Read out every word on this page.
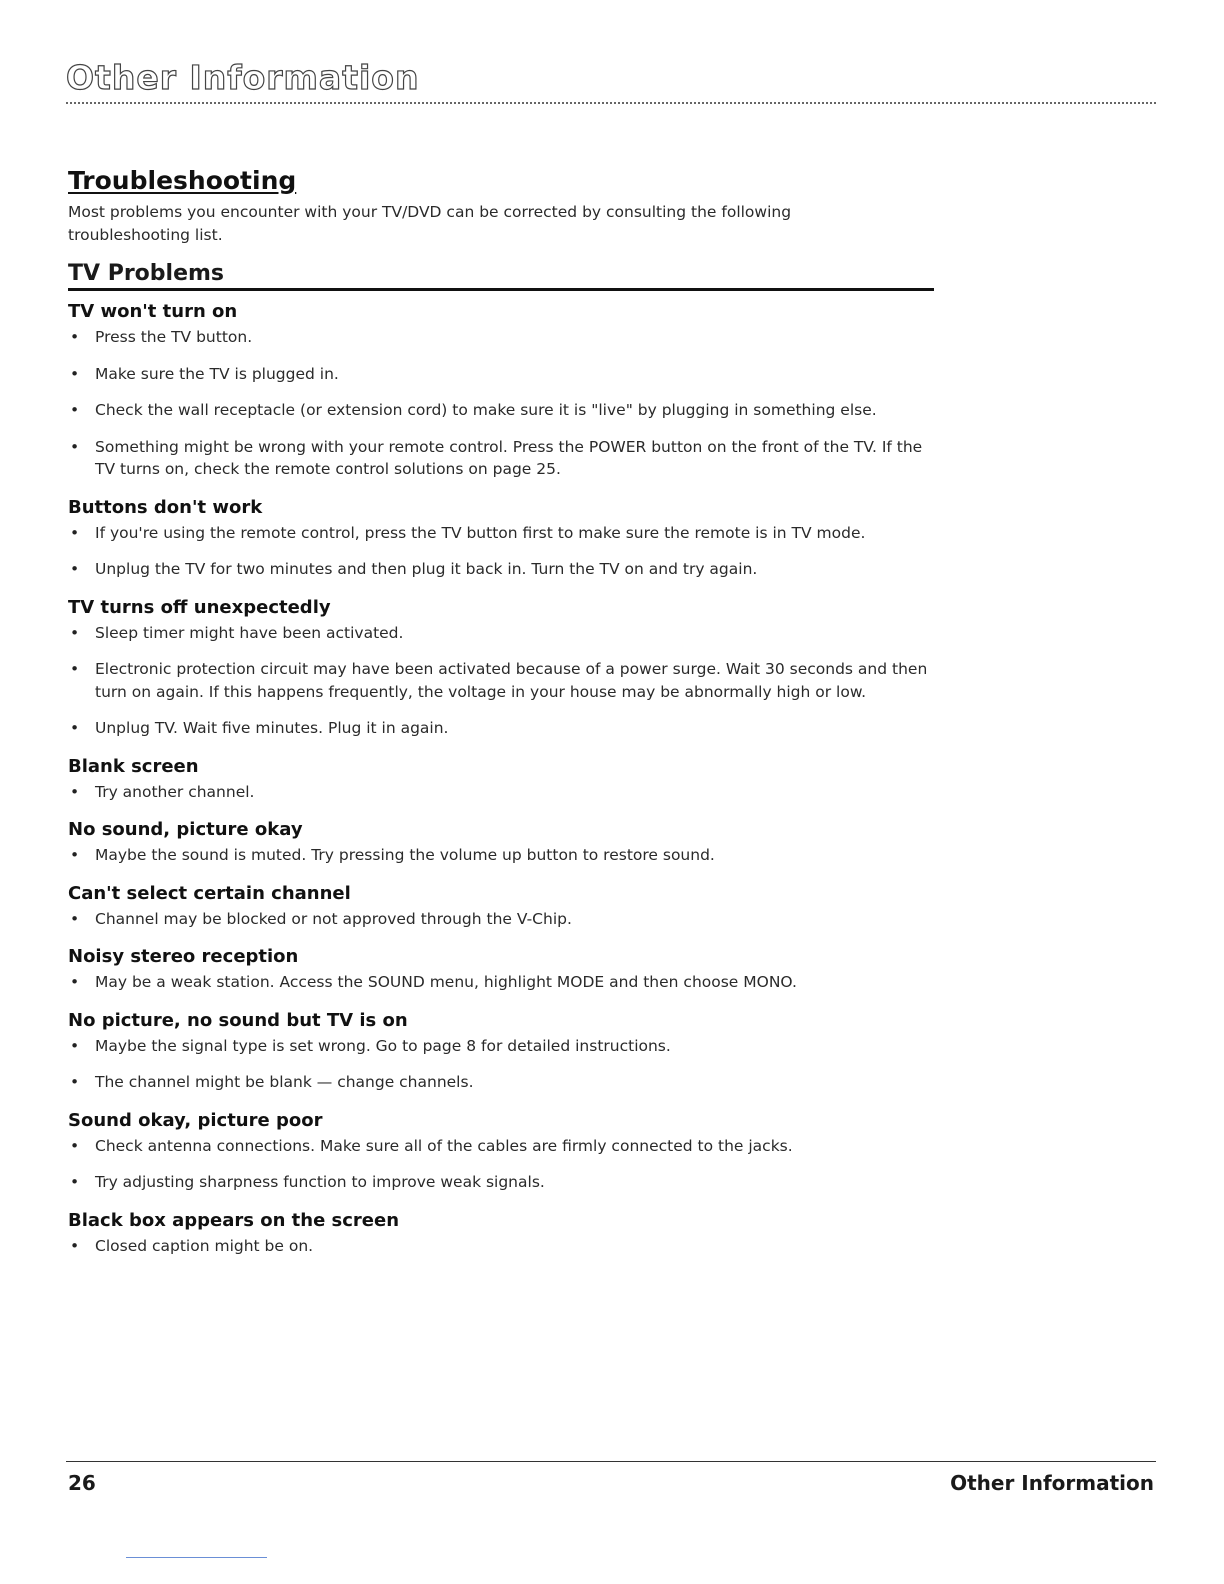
Other Information
Troubleshooting

Most problems you encounter with your TV/DVD can be corrected by consulting the following troubleshooting list.

TV Problems
TV won't turn on
• Press the TV button.
• Make sure the TV is plugged in.
• Check the wall receptacle (or extension cord) to make sure it is "live" by plugging in something else.
• Something might be wrong with your remote control. Press the POWER button on the front of the TV. If the TV turns on, check the remote control solutions on page 25.
Buttons don't work
• If you're using the remote control, press the TV button first to make sure the remote is in TV mode.
• Unplug the TV for two minutes and then plug it back in. Turn the TV on and try again.
TV turns off unexpectedly
• Sleep timer might have been activated.
• Electronic protection circuit may have been activated because of a power surge. Wait 30 seconds and then turn on again. If this happens frequently, the voltage in your house may be abnormally high or low.
• Unplug TV. Wait five minutes. Plug it in again.
Blank screen
• Try another channel.
No sound, picture okay
• Maybe the sound is muted. Try pressing the volume up button to restore sound.
Can't select certain channel
• Channel may be blocked or not approved through the V-Chip.
Noisy stereo reception
• May be a weak station. Access the SOUND menu, highlight MODE and then choose MONO.
No picture, no sound but TV is on
• Maybe the signal type is set wrong. Go to page 8 for detailed instructions.
• The channel might be blank — change channels.
Sound okay, picture poor
• Check antenna connections. Make sure all of the cables are firmly connected to the jacks.
• Try adjusting sharpness function to improve weak signals.
Black box appears on the screen
• Closed caption might be on.
26	Other Information
